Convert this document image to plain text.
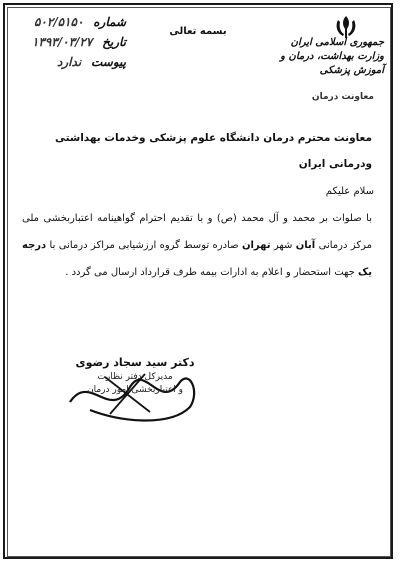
شماره ۵۰۲/۵۱۵۰
تاریخ ۱۳۹۳/۰۳/۲۷
پیوست ندارد
بسمه تعالی
جمهوری اسلامی ایران
وزارت بهداشت، درمان و آموزش پزشکی
معاونت درمان
معاونت محترم درمان دانشگاه علوم پزشکی وخدمات بهداشتی ودرمانی ایران
سلام علیکم
با صلوات بر محمد و آل محمد (ص) و با تقدیم احترام گواهینامه اعتباربخشی ملی مرکز درمانی آبان شهر تهران صادره توسط گروه ارزشیابی مراکز درمانی با درجه یک جهت استحضار و اعلام به ادارات بیمه طرف قرارداد ارسال می گردد .
دکتر سید سجاد رضوی
مدیرکل دفتر نظارت
و اعتباربخشی امور درمان
